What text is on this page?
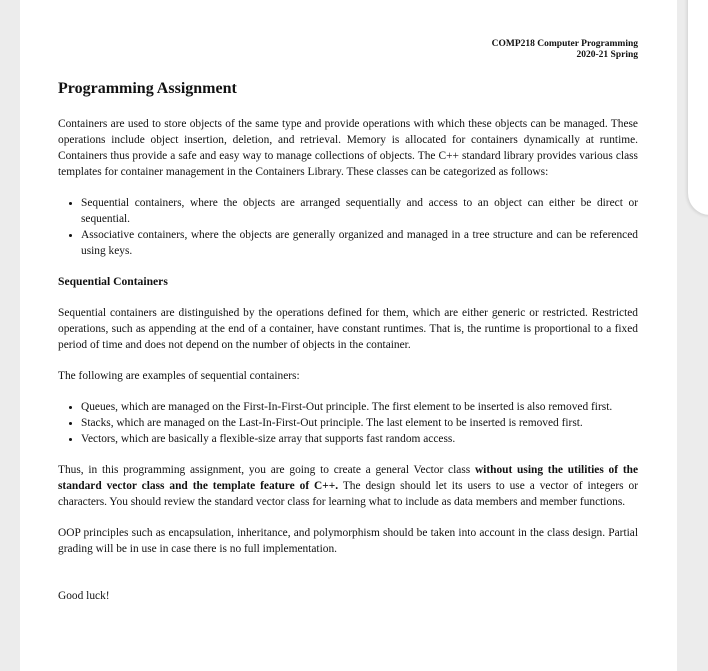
COMP218 Computer Programming
2020-21 Spring
Programming Assignment

Containers are used to store objects of the same type and provide operations with which these objects can be managed. These operations include object insertion, deletion, and retrieval. Memory is allocated for containers dynamically at runtime. Containers thus provide a safe and easy way to manage collections of objects. The C++ standard library provides various class templates for container management in the Containers Library. These classes can be categorized as follows:

• Sequential containers, where the objects are arranged sequentially and access to an object can either be direct or sequential.
• Associative containers, where the objects are generally organized and managed in a tree structure and can be referenced using keys.
Sequential Containers

Sequential containers are distinguished by the operations defined for them, which are either generic or restricted. Restricted operations, such as appending at the end of a container, have constant runtimes. That is, the runtime is proportional to a fixed period of time and does not depend on the number of objects in the container.

The following are examples of sequential containers:

• Queues, which are managed on the First-In-First-Out principle. The first element to be inserted is also removed first.
• Stacks, which are managed on the Last-In-First-Out principle. The last element to be inserted is removed first.
• Vectors, which are basically a flexible-size array that supports fast random access.

Thus, in this programming assignment, you are going to create a general Vector class without using the utilities of the standard vector class and the template feature of C++. The design should let its users to use a vector of integers or characters. You should review the standard vector class for learning what to include as data members and member functions.

OOP principles such as encapsulation, inheritance, and polymorphism should be taken into account in the class design. Partial grading will be in use in case there is no full implementation.

Good luck!
